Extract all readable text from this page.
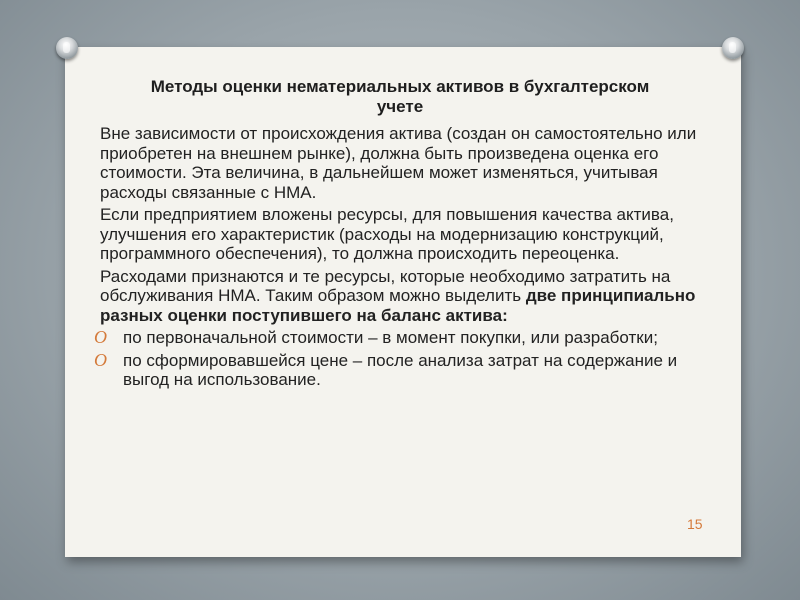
Методы оценки нематериальных активов в бухгалтерском учете

Вне зависимости от происхождения актива (создан он самостоятельно или приобретен на внешнем рынке), должна быть произведена оценка его стоимости. Эта величина, в дальнейшем может изменяться, учитывая расходы связанные с НМА.

Если предприятием вложены ресурсы, для повышения качества актива, улучшения его характеристик (расходы на модернизацию конструкций, программного обеспечения), то должна происходить переоценка.

Расходами признаются и те ресурсы, которые необходимо затратить на обслуживания НМА. Таким образом можно выделить две принципиально разных оценки поступившего на баланс актива:

O по первоначальной стоимости – в момент покупки, или разработки;
O по сформировавшейся цене – после анализа затрат на содержание и выгод на использование.
15
